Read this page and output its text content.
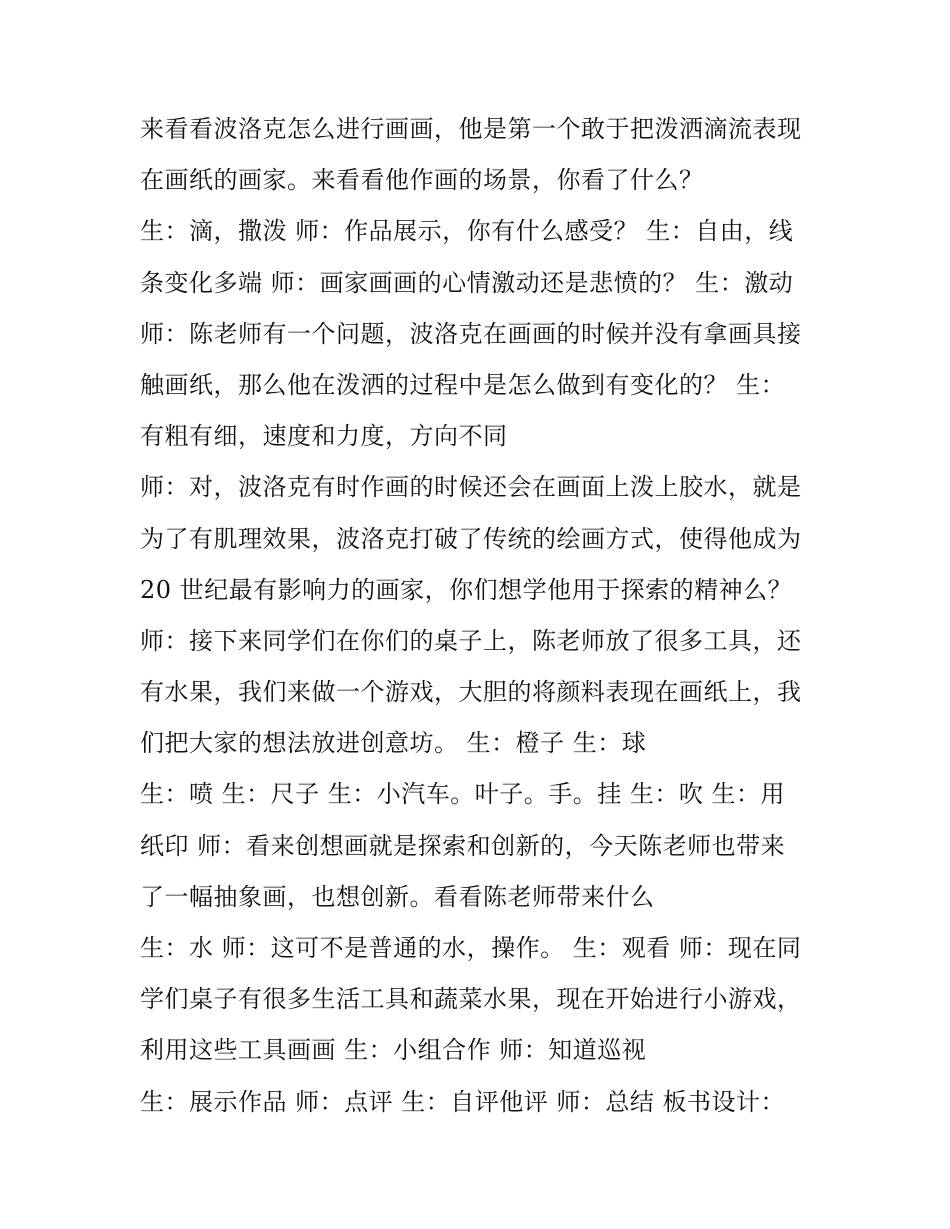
来看看波洛克怎么进行画画，他是第一个敢于把泼洒滴流表现
在画纸的画家。来看看他作画的场景，你看了什么？
生：滴，撒泼 师：作品展示，你有什么感受？ 生：自由，线
条变化多端 师：画家画画的心情激动还是悲愤的？ 生：激动
师：陈老师有一个问题，波洛克在画画的时候并没有拿画具接
触画纸，那么他在泼洒的过程中是怎么做到有变化的？ 生：
有粗有细，速度和力度，方向不同
师：对，波洛克有时作画的时候还会在画面上泼上胶水，就是
为了有肌理效果，波洛克打破了传统的绘画方式，使得他成为
20 世纪最有影响力的画家，你们想学他用于探索的精神么？
师：接下来同学们在你们的桌子上，陈老师放了很多工具，还
有水果，我们来做一个游戏，大胆的将颜料表现在画纸上，我
们把大家的想法放进创意坊。 生：橙子 生：球
生：喷 生：尺子 生：小汽车。叶子。手。挂 生：吹 生：用
纸印 师：看来创想画就是探索和创新的，今天陈老师也带来
了一幅抽象画，也想创新。看看陈老师带来什么
生：水 师：这可不是普通的水，操作。 生：观看 师：现在同
学们桌子有很多生活工具和蔬菜水果，现在开始进行小游戏，
利用这些工具画画 生：小组合作 师：知道巡视
生：展示作品 师：点评 生：自评他评 师：总结 板书设计：
